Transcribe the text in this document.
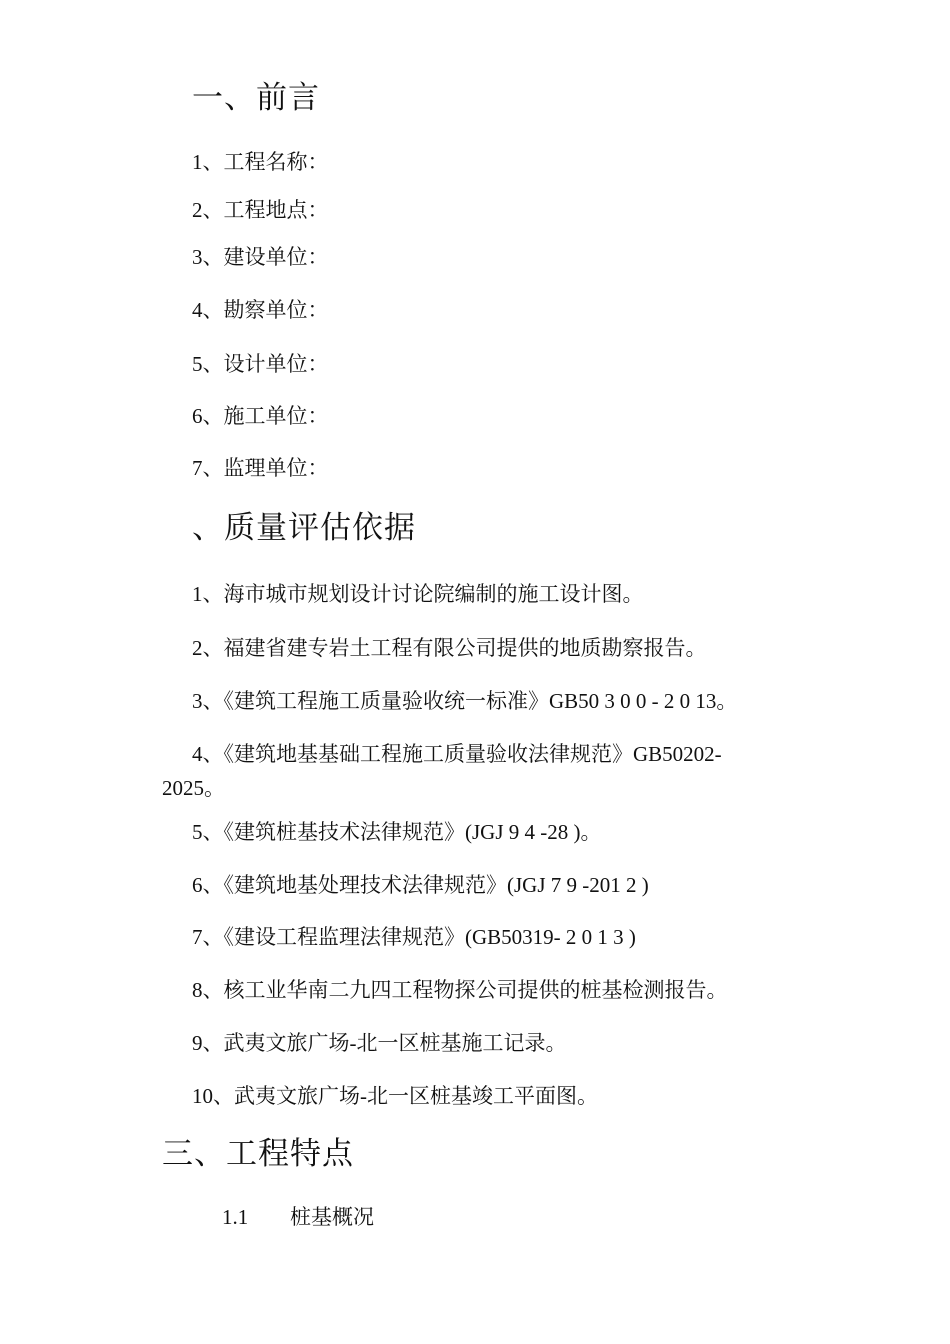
一、前言
1、工程名称：
2、工程地点：
3、建设单位：
4、勘察单位：
5、设计单位：
6、施工单位：
7、监理单位：
、质量评估依据
1、海市城市规划设计讨论院编制的施工设计图。
2、福建省建专岩土工程有限公司提供的地质勘察报告。
3、《建筑工程施工质量验收统一标准》GB50 3 0 0 - 2 0 13。
4、《建筑地基基础工程施工质量验收法律规范》GB50202-2025。
5、《建筑桩基技术法律规范》(JGJ 9 4 -28 )。
6、《建筑地基处理技术法律规范》(JGJ 7 9 -201 2 )
7、《建设工程监理法律规范》(GB50319- 2 0 1 3 )
8、核工业华南二九四工程物探公司提供的桩基检测报告。
9、武夷文旅广场-北一区桩基施工记录。
10、武夷文旅广场-北一区桩基竣工平面图。
三、工程特点
1.1 桩基概况
